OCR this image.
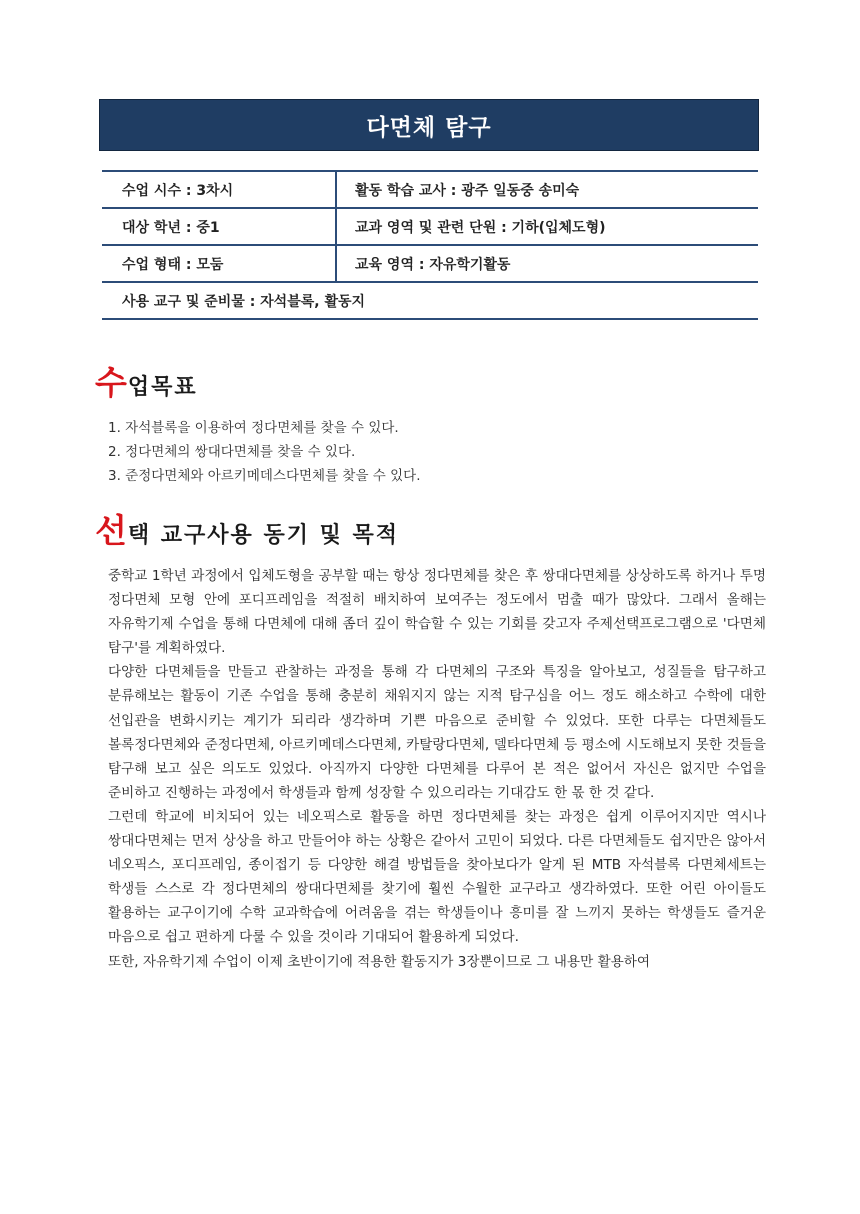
다면체 탐구
수업 시수 : 3차시	활동 학습 교사 : 광주 일동중 송미숙
대상 학년 : 중1	교과 영역 및 관련 단원 : 기하(입체도형)
수업 형태 : 모둠	교육 영역 : 자유학기활동
사용 교구 및 준비물 : 자석블록, 활동지	
수 업목표
1. 자석블록을 이용하여 정다면체를 찾을 수 있다.
2. 정다면체의 쌍대다면체를 찾을 수 있다.
3. 준정다면체와 아르키메데스다면체를 찾을 수 있다.
선 택 교구사용 동기 및 목적

중학교 1학년 과정에서 입체도형을 공부할 때는 항상 정다면체를 찾은 후 쌍대다면체를 상상하도록 하거나 투명 정다면체 모형 안에 포디프레임을 적절히 배치하여 보여주는 정도에서 멈출 때가 많았다. 그래서 올해는 자유학기제 수업을 통해 다면체에 대해 좀더 깊이 학습할 수 있는 기회를 갖고자 주제선택프로그램으로 '다면체 탐구'를 계획하였다.

다양한 다면체들을 만들고 관찰하는 과정을 통해 각 다면체의 구조와 특징을 알아보고, 성질들을 탐구하고 분류해보는 활동이 기존 수업을 통해 충분히 채워지지 않는 지적 탐구심을 어느 정도 해소하고 수학에 대한 선입관을 변화시키는 계기가 되리라 생각하며 기쁜 마음으로 준비할 수 있었다. 또한 다루는 다면체들도 볼록정다면체와 준정다면체, 아르키메데스다면체, 카탈랑다면체, 델타다면체 등 평소에 시도해보지 못한 것들을 탐구해 보고 싶은 의도도 있었다. 아직까지 다양한 다면체를 다루어 본 적은 없어서 자신은 없지만 수업을 준비하고 진행하는 과정에서 학생들과 함께 성장할 수 있으리라는 기대감도 한 몫 한 것 같다.

그런데 학교에 비치되어 있는 네오픽스로 활동을 하면 정다면체를 찾는 과정은 쉽게 이루어지지만 역시나 쌍대다면체는 먼저 상상을 하고 만들어야 하는 상황은 같아서 고민이 되었다. 다른 다면체들도 쉽지만은 않아서 네오픽스, 포디프레임, 종이접기 등 다양한 해결 방법들을 찾아보다가 알게 된 MTB 자석블록 다면체세트는 학생들 스스로 각 정다면체의 쌍대다면체를 찾기에 훨씬 수월한 교구라고 생각하였다. 또한 어린 아이들도 활용하는 교구이기에 수학 교과학습에 어려움을 겪는 학생들이나 흥미를 잘 느끼지 못하는 학생들도 즐거운 마음으로 쉽고 편하게 다룰 수 있을 것이라 기대되어 활용하게 되었다.

또한, 자유학기제 수업이 이제 초반이기에 적용한 활동지가 3장뿐이므로 그 내용만 활용하여
